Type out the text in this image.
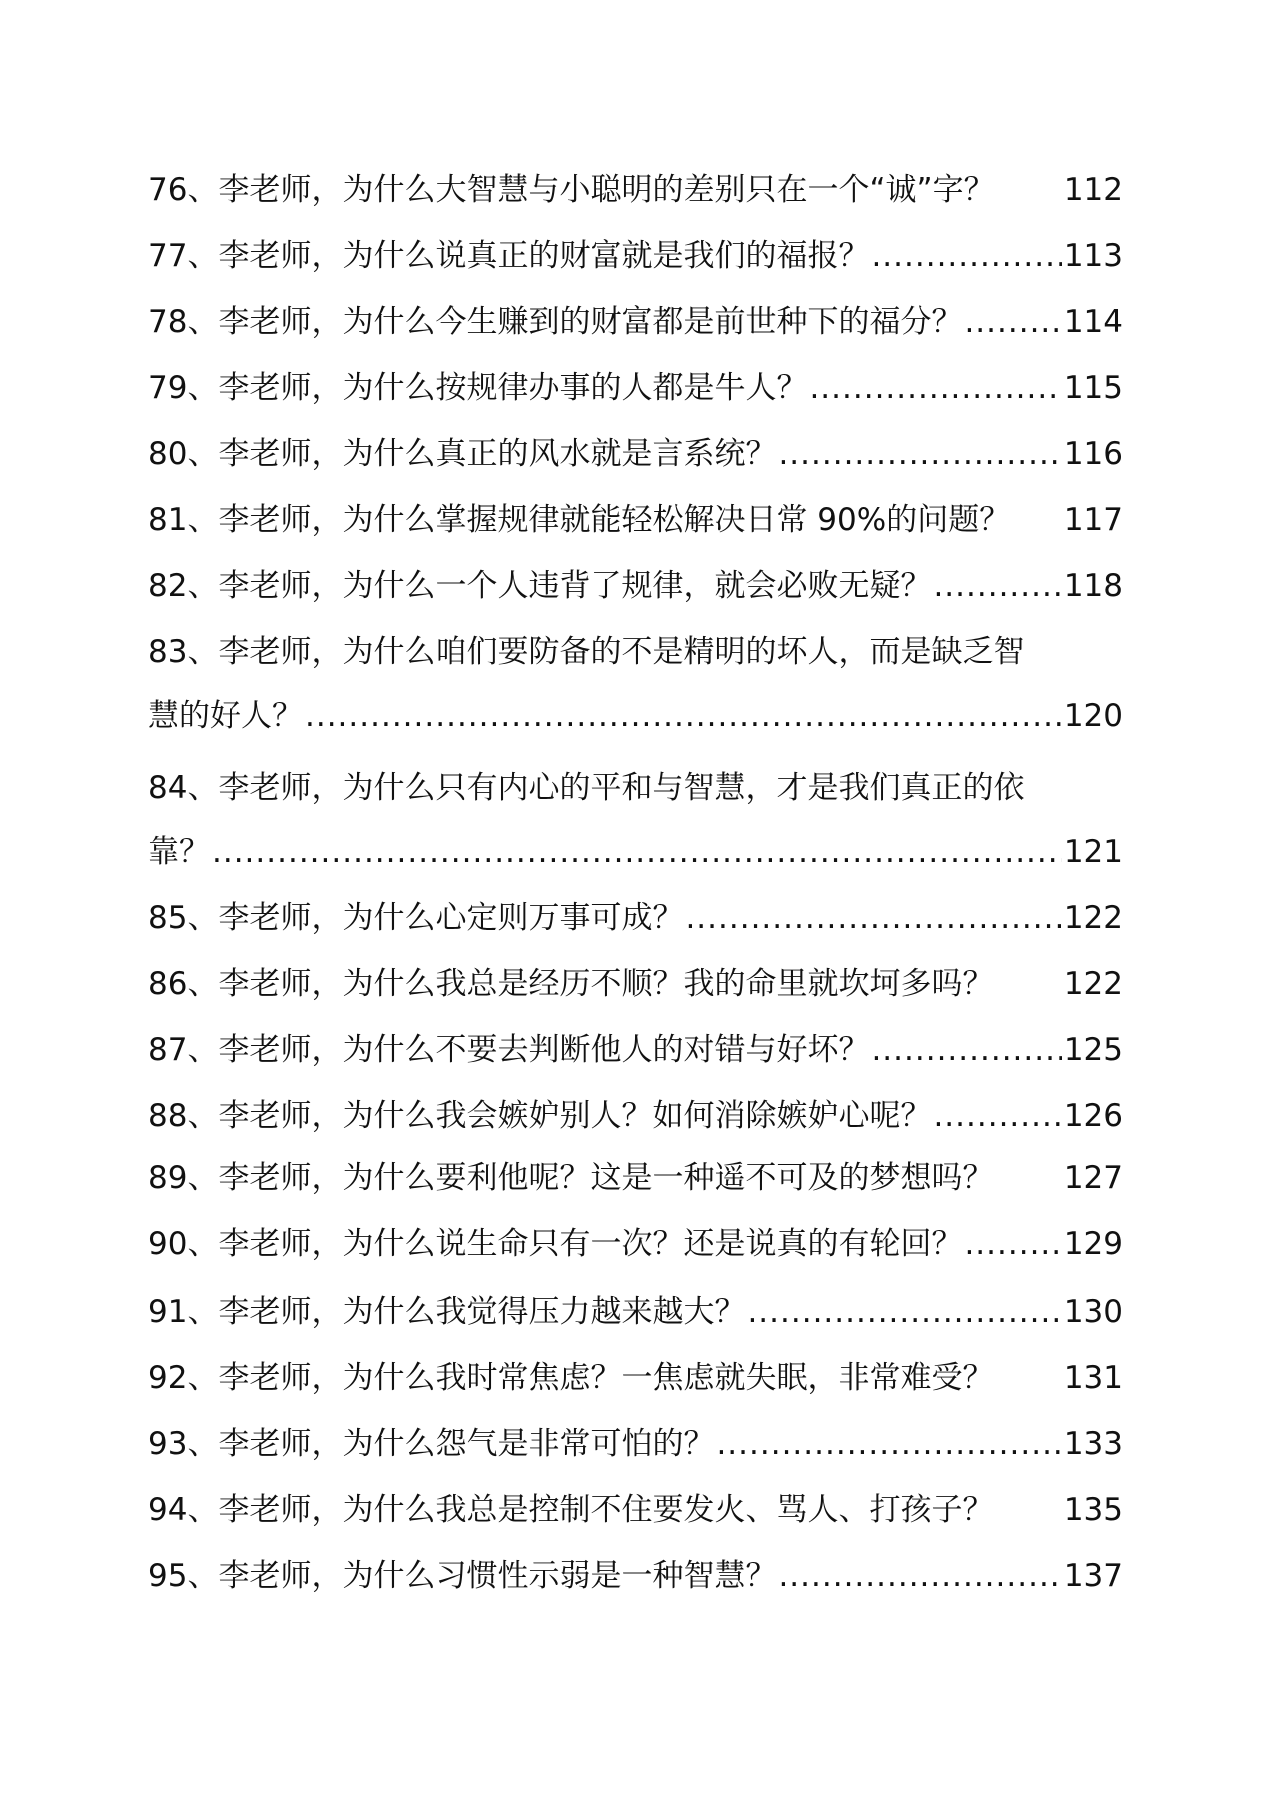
76、李老师，为什么大智慧与小聪明的差别只在一个“诚”字？ 112
77、李老师，为什么说真正的财富就是我们的福报？ .....	113
78、李老师，为什么今生赚到的财富都是前世种下的福分？ .....	114
79、李老师，为什么按规律办事的人都是牛人？ .....	115
80、李老师，为什么真正的风水就是言系统？ .....	116
81、李老师，为什么掌握规律就能轻松解决日常 90%的问题？ 117
82、李老师，为什么一个人违背了规律，就会必败无疑？ .....	118
83、李老师，为什么咱们要防备的不是精明的坏人，而是缺乏智
慧的好人？ .....	120
84、李老师，为什么只有内心的平和与智慧，才是我们真正的依
靠？ .....	121
85、李老师，为什么心定则万事可成？ .....	122
86、李老师，为什么我总是经历不顺？我的命里就坎坷多吗？ 122
87、李老师，为什么不要去判断他人的对错与好坏？ .....	125
88、李老师，为什么我会嫉妒别人？如何消除嫉妒心呢？ .....	126
89、李老师，为什么要利他呢？这是一种遥不可及的梦想吗？ 127
90、李老师，为什么说生命只有一次？还是说真的有轮回？ .....	129
91、李老师，为什么我觉得压力越来越大？ .....	130
92、李老师，为什么我时常焦虑？一焦虑就失眠，非常难受？ 131
93、李老师，为什么怨气是非常可怕的？ .....	133
94、李老师，为什么我总是控制不住要发火、骂人、打孩子？ 135
95、李老师，为什么习惯性示弱是一种智慧？ .....	137
